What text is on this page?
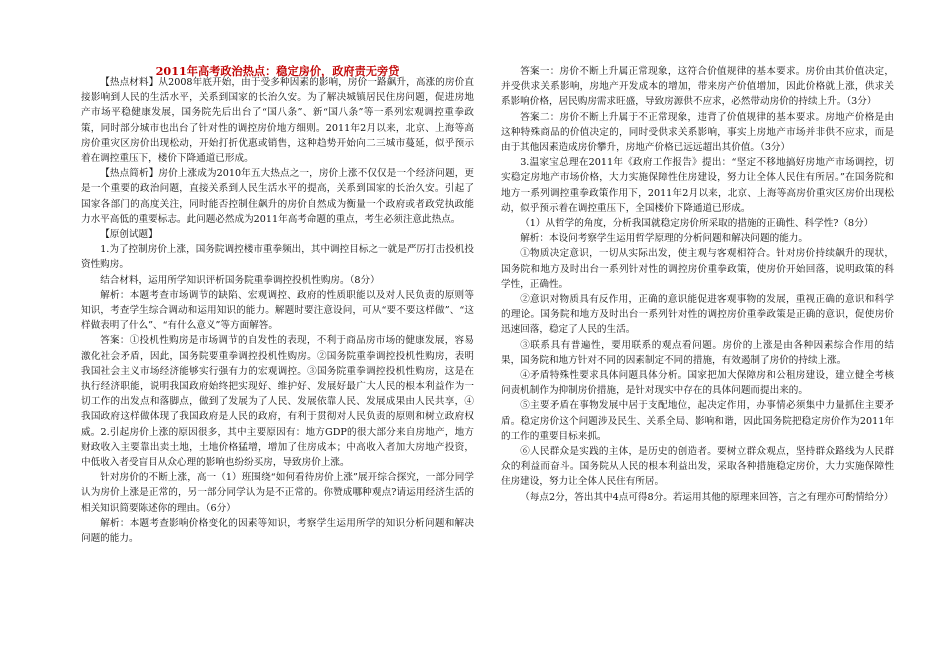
2011年高考政治热点：稳定房价，政府责无旁贷

【热点材料】从2008年底开始，由于受多种因素的影响，房价一路飙升，高涨的房价直接影响到人民的生活水平，关系到国家的长治久安。为了解决城镇居民住房问题，促进房地产市场平稳健康发展，国务院先后出台了“国八条”、新“国八条”等一系列宏观调控重拳政策，同时部分城市也出台了针对性的调控房价地方细则。2011年2月以来，北京、上海等高房价重灾区房价出现松动，开始打折优惠或销售，这种趋势开始向二三城市蔓延，似乎预示着在调控重压下，楼价下降通道已形成。

【热点简析】房价上涨成为2010年五大热点之一，房价上涨不仅仅是一个经济问题，更是一个重要的政治问题，直接关系到人民生活水平的提高，关系到国家的长治久安。引起了国家各部门的高度关注，同时能否控制住飙升的房价自然成为衡量一个政府或者政党执政能力水平高低的重要标志。此问题必然成为2011年高考命题的重点，考生必须注意此热点。

【原创试题】

1.为了控制房价上涨，国务院调控楼市重拳频出，其中调控目标之一就是严厉打击投机投资性购房。

结合材料，运用所学知识评析国务院重拳调控投机性购房。（8分）

解析：本题考查市场调节的缺陷、宏观调控、政府的性质职能以及对人民负责的原则等知识，考查学生综合调动和运用知识的能力。解题时要注意设问，可从“要不要这样做”、“这样做表明了什么”、“有什么意义”等方面解答。

答案：①投机性购房是市场调节的自发性的表现，不利于商品房市场的健康发展，容易激化社会矛盾，因此，国务院要重拳调控投机性购房。②国务院重拳调控投机性购房，表明我国社会主义市场经济能够实行强有力的宏观调控。③国务院重拳调控投机性购房，这是在执行经济职能，说明我国政府始终把实现好、维护好、发展好最广大人民的根本利益作为一切工作的出发点和落脚点，做到了发展为了人民、发展依靠人民、发展成果由人民共享，④我国政府这样做体现了我国政府是人民的政府，有利于贯彻对人民负责的原则和树立政府权威。2.引起房价上涨的原因很多，其中主要原因有：地方GDP的很大部分来自房地产，地方财政收入主要靠出卖土地，土地价格猛增，增加了住房成本；中高收入者加大房地产投资，中低收入者受盲目从众心理的影响也纷纷买房，导致房价上涨。

针对房价的不断上涨，高一（1）班围绕“如何看待房价上涨”展开综合探究，一部分同学认为房价上涨是正常的，另一部分同学认为是不正常的。你赞成哪种观点?请运用经济生活的相关知识简要陈述你的理由。（6分）

解析：本题考查影响价格变化的因素等知识，考察学生运用所学的知识分析问题和解决问题的能力。

答案一：房价不断上升属正常现象，这符合价值规律的基本要求。房价由其价值决定，并受供求关系影响，房地产开发成本的增加，带来房产价值增加，因此价格就上涨，供求关系影响价格，居民购房需求旺盛，导致房源供不应求，必然带动房价的持续上升。（3分）

答案二：房价不断上升属于不正常现象，违背了价值规律的基本要求。房地产价格是由这种特殊商品的价值决定的，同时受供求关系影响，事实上房地产市场并非供不应求，而是由于其他因素造成房价攀升，房地产价格已远远超出其价值。（3分）

3.温家宝总理在2011年《政府工作报告》提出：“坚定不移地搞好房地产市场调控，切实稳定房地产市场价格，大力实施保障性住房建设，努力让全体人民住有所居。”在国务院和地方一系列调控重拳政策作用下，2011年2月以来，北京、上海等高房价重灾区房价出现松动，似乎预示着在调控重压下，全国楼价下降通道已形成。

（1）从哲学的角度，分析我国就稳定房价所采取的措施的正确性、科学性?（8分）

解析：本设问考察学生运用哲学原理的分析问题和解决问题的能力。

①物质决定意识，一切从实际出发，使主观与客观相符合。针对房价持续飙升的现状，国务院和地方及时出台一系列针对性的调控房价重拳政策，使房价开始回落，说明政策的科学性，正确性。

②意识对物质具有反作用，正确的意识能促进客观事物的发展，重视正确的意识和科学的理论。国务院和地方及时出台一系列针对性的调控房价重拳政策是正确的意识，促使房价迅速回落，稳定了人民的生活。

③联系具有普遍性，要用联系的观点看问题。房价的上涨是由各种因素综合作用的结果，国务院和地方针对不同的因素制定不同的措施，有效遏制了房价的持续上涨。

④矛盾特殊性要求具体问题具体分析。国家把加大保障房和公租房建设，建立健全考核问责机制作为抑制房价措施，是针对现实中存在的具体问题而提出来的。

⑤主要矛盾在事物发展中居于支配地位，起决定作用，办事情必须集中力量抓住主要矛盾。稳定房价这个问题涉及民生、关系全局、影响和谐，因此国务院把稳定房价作为2011年的工作的重要目标来抓。

⑥人民群众是实践的主体，是历史的创造者。要树立群众观点，坚持群众路线为人民群众的利益而奋斗。国务院从人民的根本利益出发，采取各种措施稳定房价，大力实施保障性住房建设，努力让全体人民住有所居。

（每点2分，答出其中4点可得8分。若运用其他的原理来回答，言之有理亦可酌情给分）
